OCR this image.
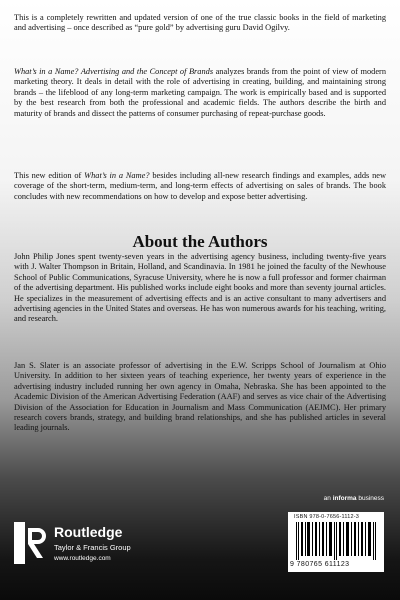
This is a completely rewritten and updated version of one of the true classic books in the field of marketing and advertising – once described as “pure gold” by advertising guru David Ogilvy.

What’s in a Name? Advertising and the Concept of Brands analyzes brands from the point of view of modern marketing theory. It deals in detail with the role of advertising in creating, building, and maintaining strong brands – the lifeblood of any long-term marketing campaign. The work is empirically based and is supported by the best research from both the professional and academic fields. The authors describe the birth and maturity of brands and dissect the patterns of consumer purchasing of repeat-purchase goods.

This new edition of What’s in a Name? besides including all-new research findings and examples, adds new coverage of the short-term, medium-term, and long-term effects of advertising on sales of brands. The book concludes with new recommendations on how to develop and expose better advertising.

About the Authors

John Philip Jones spent twenty-seven years in the advertising agency business, including twenty-five years with J. Walter Thompson in Britain, Holland, and Scandinavia. In 1981 he joined the faculty of the Newhouse School of Public Communications, Syracuse University, where he is now a full professor and former chairman of the advertising department. His published works include eight books and more than seventy journal articles. He specializes in the measurement of advertising effects and is an active consultant to many advertisers and advertising agencies in the United States and overseas. He has won numerous awards for his teaching, writing, and research.

Jan S. Slater is an associate professor of advertising in the E.W. Scripps School of Journalism at Ohio University. In addition to her sixteen years of teaching experience, her twenty years of experience in the advertising industry included running her own agency in Omaha, Nebraska. She has been appointed to the Academic Division of the American Advertising Federation (AAF) and serves as vice chair of the Advertising Division of the Association for Education in Journalism and Mass Communication (AEJMC). Her primary research covers brands, strategy, and building brand relationships, and she has published articles in several leading journals.

an informa business
Routledge
Taylor & Francis Group
www.routledge.com
ISBN 978-0-7656-1112-3
9 780765 611123
